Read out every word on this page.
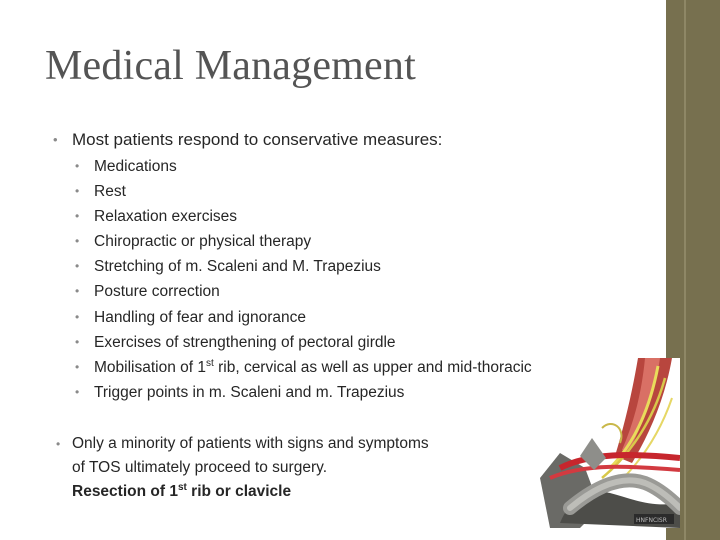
Medical Management
• Most patients respond to conservative measures:
• Medications
• Rest
• Relaxation exercises
• Chiropractic or physical therapy
• Stretching of m. Scaleni and M. Trapezius
• Posture correction
• Handling of fear and ignorance
• Exercises of strengthening of pectoral girdle
• Mobilisation of 1st rib, cervical as well as upper and mid-thoracic
• Trigger points in m. Scaleni and m. Trapezius
• Only a minority of patients with signs and symptoms
of TOS ultimately proceed to surgery.
Resection of 1st rib or clavicle
HNFNCISR
